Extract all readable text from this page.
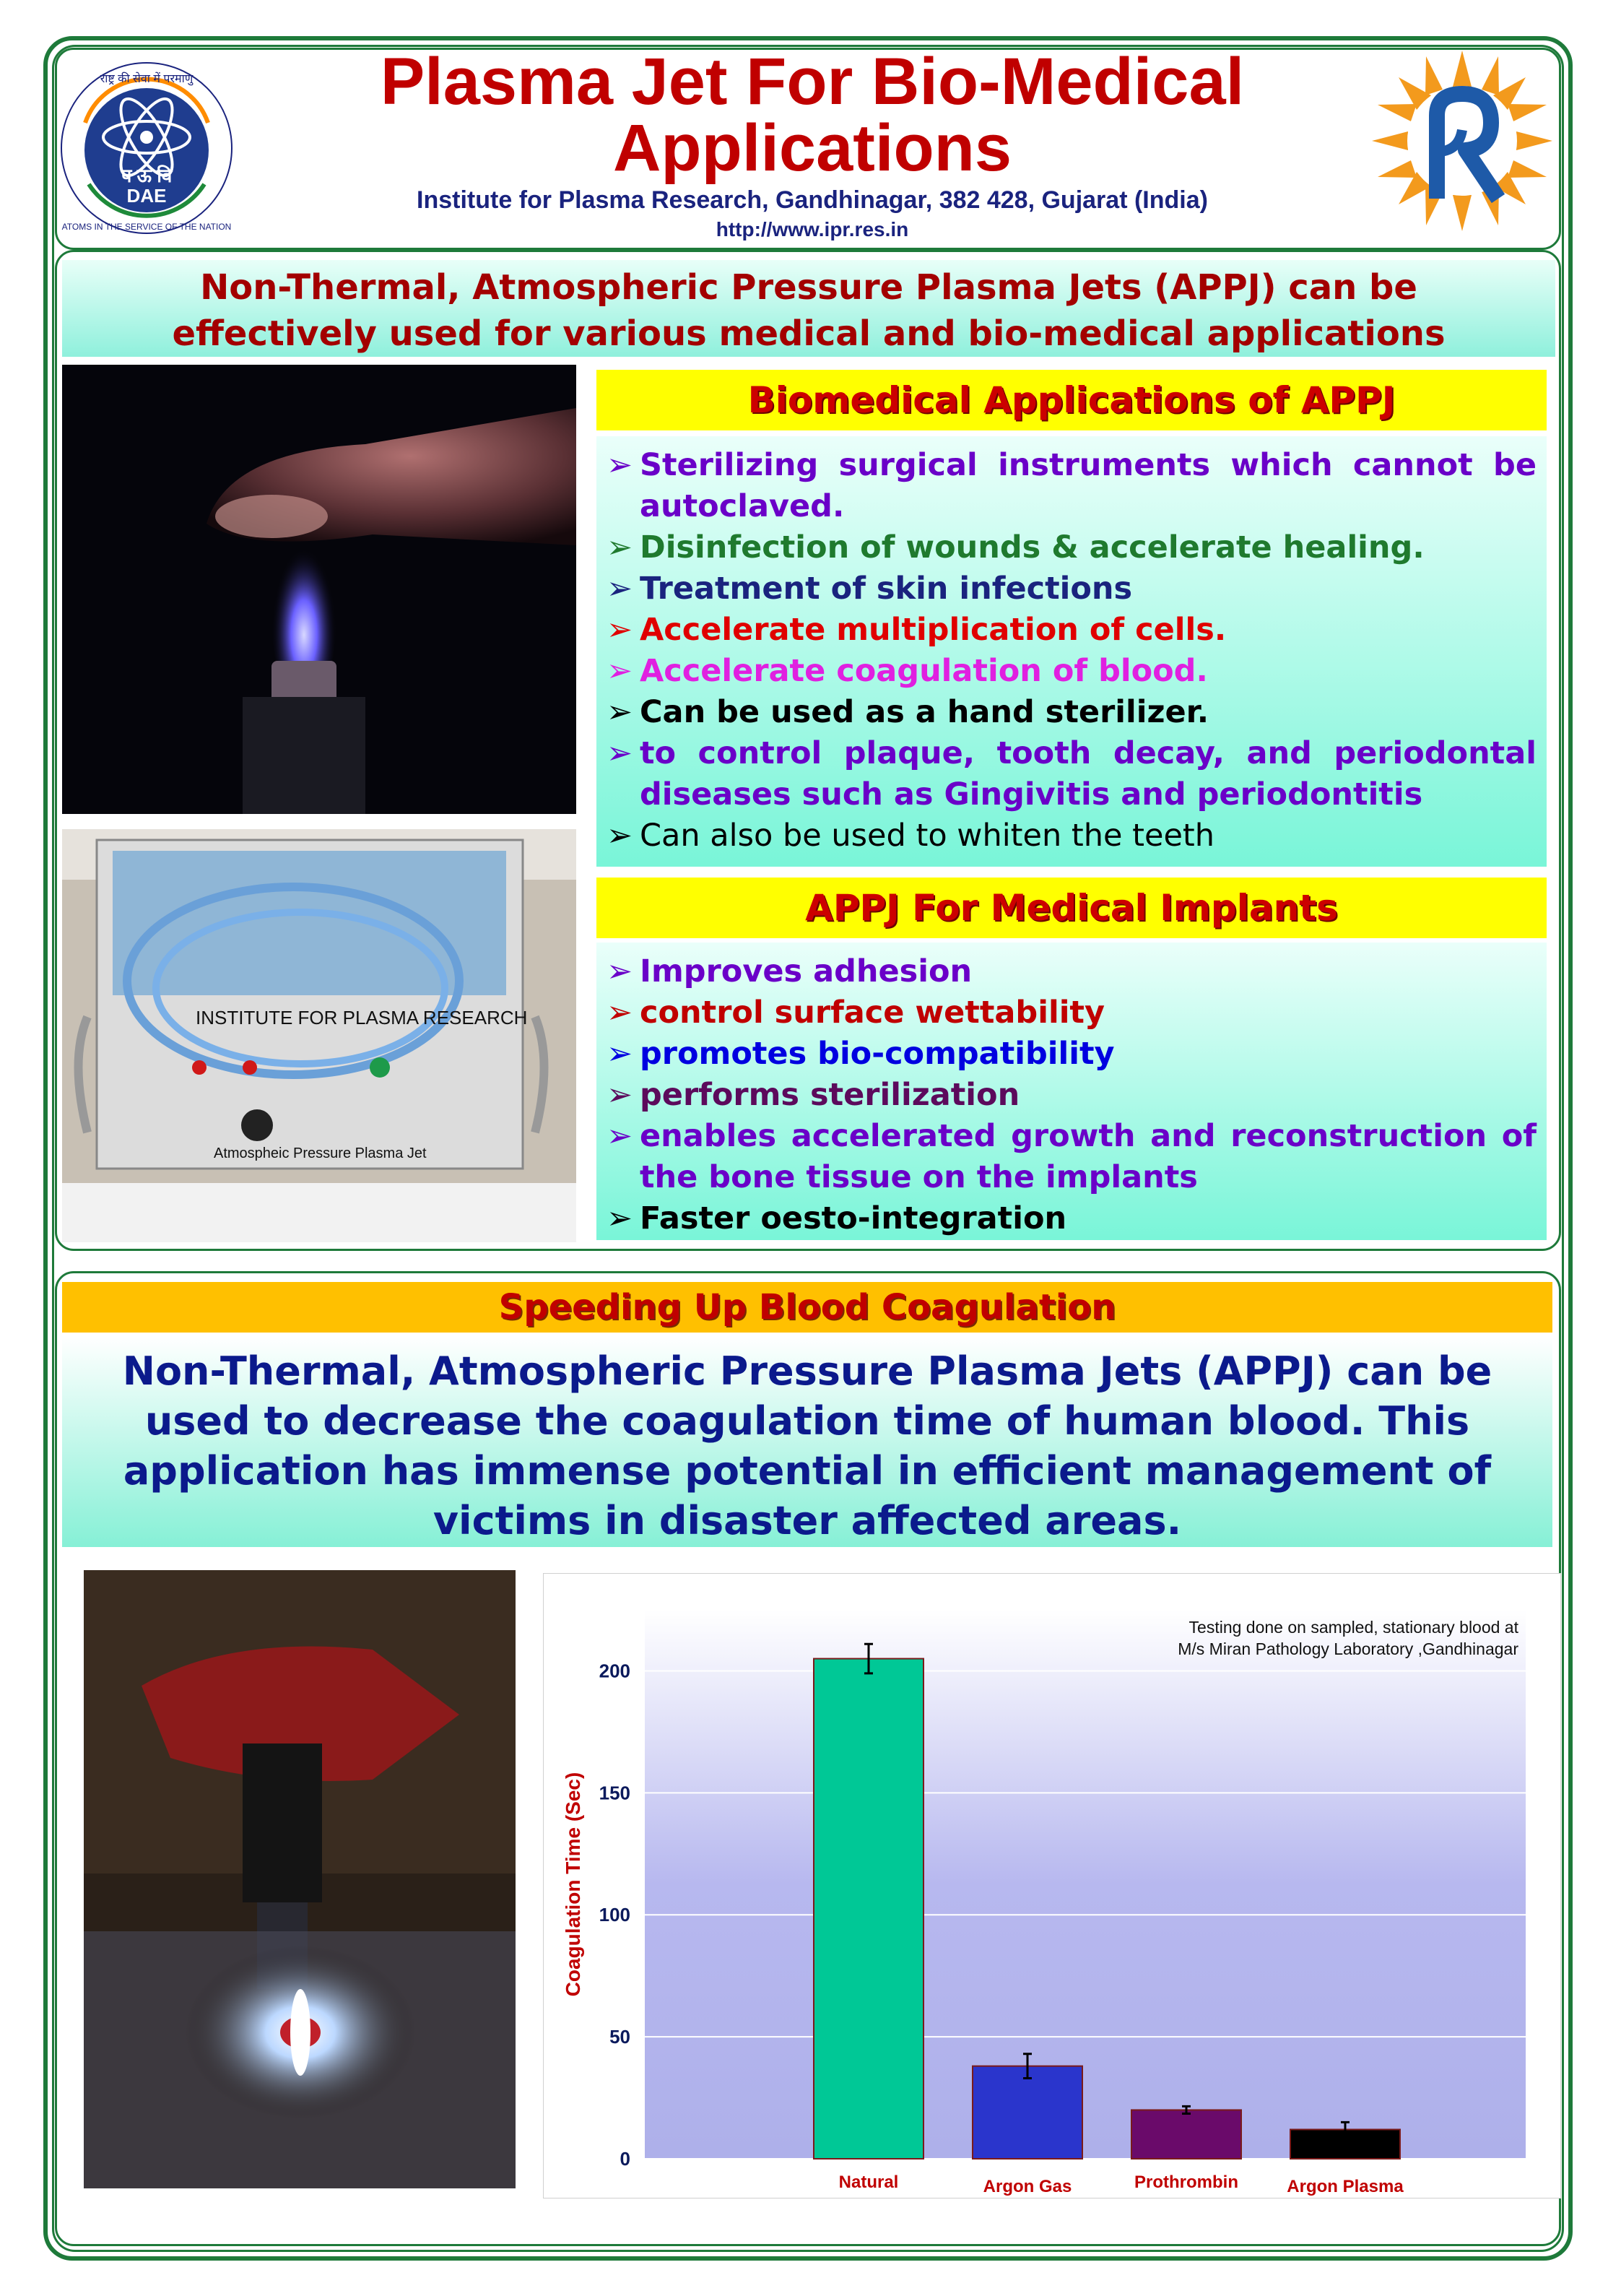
प ऊ वि
DAE
राष्ट्र की सेवा में परमाणु
ATOMS IN THE SERVICE OF THE NATION
Plasma Jet For Bio-Medical
Applications
Institute for Plasma Research, Gandhinagar, 382 428, Gujarat (India)
http://www.ipr.res.in
Non-Thermal, Atmospheric Pressure Plasma Jets (APPJ) can be
effectively used for various medical and bio-medical applications
INSTITUTE FOR PLASMA RESEARCH
Atmospheic Pressure Plasma Jet
Biomedical Applications of APPJ
➢ Sterilizing surgical instruments which cannot be autoclaved.
➢ Disinfection of wounds & accelerate healing.
➢ Treatment of skin infections
➢ Accelerate multiplication of cells.
➢ Accelerate coagulation of blood.
➢ Can be used as a hand sterilizer.
➢ to control plaque, tooth decay, and periodontal diseases such as Gingivitis and periodontitis
➢ Can also be used to whiten the teeth
APPJ For Medical Implants
➢ Improves adhesion
➢ control surface wettability
➢ promotes bio-compatibility
➢ performs sterilization
➢ enables accelerated growth and reconstruction of the bone tissue on the implants
➢ Faster oesto-integration
Speeding Up Blood Coagulation
Non-Thermal, Atmospheric Pressure Plasma Jets (APPJ) can be
used to decrease the coagulation time of human blood. This
application has immense potential in efficient management of
victims in disaster affected areas.
0
50
100
150
200
Natural	Argon Gas	Prothrombin	Argon Plasma
Coagulation Time (Sec)
Testing done on sampled, stationary blood at
M/s Miran Pathology Laboratory ,Gandhinagar
